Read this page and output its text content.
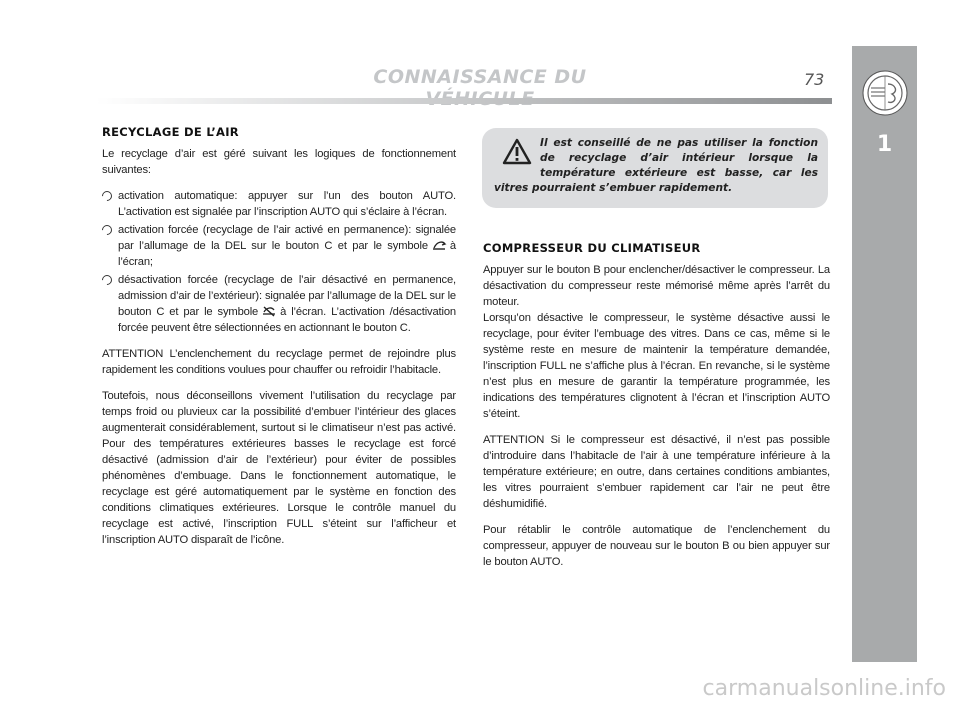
CONNAISSANCE DU	73
1
RECYCLAGE DE L’AIR

Le recyclage d’air est géré suivant les logiques de fonctionnement suivantes:

activation automatique: appuyer sur l’un des bouton AUTO. L’activation est signalée par l’inscription AUTO qui s’éclaire à l’écran.
activation forcée (recyclage de l’air activé en permanence): signalée par l’allumage de la DEL sur le bouton C et par le symbole à l’écran;
désactivation forcée (recyclage de l’air désactivé en permanence, admission d’air de l’extérieur): signalée par l’allumage de la DEL sur le bouton C et par le symbole à l’écran. L’activation /désactivation forcée peuvent être sélectionnées en actionnant le bouton C.

ATTENTION L’enclenchement du recyclage permet de rejoindre plus rapidement les conditions voulues pour chauffer ou refroidir l’habitacle.

Toutefois, nous déconseillons vivement l’utilisation du recyclage par temps froid ou pluvieux car la possibilité d’embuer l’intérieur des glaces augmenterait considérablement, surtout si le climatiseur n’est pas activé. Pour des températures extérieures basses le recyclage est forcé désactivé (admission d’air de l’extérieur) pour éviter de possibles phénomènes d’embuage. Dans le fonctionnement automatique, le recyclage est géré automatiquement par le système en fonction des conditions climatiques extérieures. Lorsque le contrôle manuel du recyclage est activé, l’inscription FULL s’éteint sur l’afficheur et l’inscription AUTO disparaît de l’icône.

Il est conseillé de ne pas utiliser la fonction de recyclage d’air intérieur lorsque la température extérieure est basse, car les vitres pourraient s’embuer rapidement.
COMPRESSEUR DU CLIMATISEUR

Appuyer sur le bouton B pour enclencher/désactiver le compresseur. La désactivation du compresseur reste mémorisé même après l’arrêt du moteur.

Lorsqu’on désactive le compresseur, le système désactive aussi le recyclage, pour éviter l’embuage des vitres. Dans ce cas, même si le système reste en mesure de maintenir la température demandée, l’inscription FULL ne s’affiche plus à l’écran. En revanche, si le système n’est plus en mesure de garantir la température programmée, les indications des températures clignotent à l’écran et l’inscription AUTO s’éteint.

ATTENTION Si le compresseur est désactivé, il n’est pas possible d’introduire dans l’habitacle de l’air à une température inférieure à la température extérieure; en outre, dans certaines conditions ambiantes, les vitres pourraient s’embuer rapidement car l’air ne peut être déshumidifié.

Pour rétablir le contrôle automatique de l’enclenchement du compresseur, appuyer de nouveau sur le bouton B ou bien appuyer sur le bouton AUTO.

carmanualsonline.info
